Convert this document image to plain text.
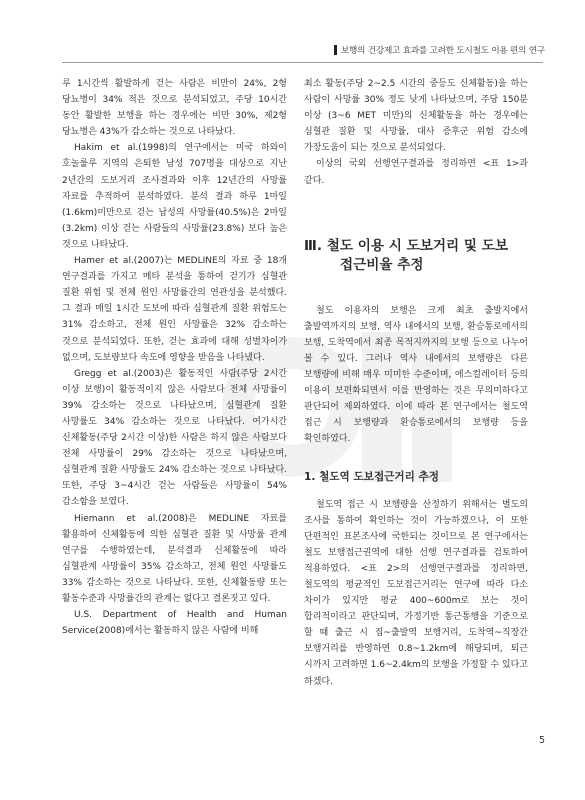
보행의 건강제고 효과를 고려한 도시철도 이용 편의 연구

루 1시간씩 활발하게 걷는 사람은 비만이 24%, 2형 당뇨병이 34% 적은 것으로 분석되었고, 주당 10시간 동안 활발한 보행을 하는 경우에는 비만 30%, 제2형 당뇨병은 43%가 감소하는 것으로 나타났다.

Hakim et al.(1998)의 연구에서는 미국 하와이 호놀룰루 지역의 은퇴한 남성 707명을 대상으로 지난 2년간의 도보거리 조사결과와 이후 12년간의 사망률 자료를 추적하여 분석하였다. 분석 결과 하루 1마일(1.6km)미만으로 걷는 남성의 사망률(40.5%)은 2마일(3.2km) 이상 걷는 사람들의 사망률(23.8%) 보다 높은 것으로 나타났다.

Hamer et al.(2007)는 MEDLINE의 자료 중 18개 연구결과를 가지고 메타 분석을 통하여 걷기가 심혈관 질환 위험 및 전체 원인 사망률간의 연관성을 분석했다. 그 결과 매일 1시간 도보에 따라 심혈관계 질환 위험도는 31% 감소하고, 전체 원인 사망률은 32% 감소하는 것으로 분석되었다. 또한, 걷는 효과에 대해 성별차이가 없으며, 도보량보다 속도에 영향을 받음을 나타냈다.

Gregg et al.(2003)은 활동적인 사람(주당 2시간 이상 보행)이 활동적이지 않은 사람보다 전체 사망률이 39% 감소하는 것으로 나타났으며, 심혈관계 질환 사망률도 34% 감소하는 것으로 나타났다. 여가시간 신체활동(주당 2시간 이상)한 사람은 하지 않은 사람보다 전체 사망률이 29% 감소하는 것으로 나타났으며, 심혈관계 질환 사망률도 24% 감소하는 것으로 나타났다. 또한, 주당 3~4시간 걷는 사람들은 사망률이 54% 감소함을 보였다.

Hiemann et al.(2008)은 MEDLINE 자료를 활용하여 신체활동에 의한 심혈관 질환 및 사망률 관계 연구를 수행하였는데, 분석결과 신체활동에 따라 심혈관계 사망률이 35% 감소하고, 전체 원인 사망률도 33% 감소하는 것으로 나타났다. 또한, 신체활동량 또는 활동수준과 사망률간의 관계는 없다고 결론짓고 있다.

U.S. Department of Health and Human Service(2008)에서는 활동하지 않은 사람에 비해

최소 활동(주당 2~2.5 시간의 중등도 신체활동)을 하는 사람이 사망률 30% 정도 낮게 나타났으며, 주당 150분 이상 (3~6 MET 미만)의 신체활동을 하는 경우에는 심혈관 질환 및 사망률, 대사 증후군 위험 감소에 가장도움이 되는 것으로 분석되었다.

이상의 국외 선행연구결과를 정리하면 <표 1>과 같다.

Ⅲ. 철도 이용 시 도보거리 및 도보
접근비율 추정

철도 이용자의 보행은 크게 최초 출발지에서 출발역까지의 보행, 역사 내에서의 보행, 환승통로에서의 보행, 도착역에서 최종 목적지까지의 보행 등으로 나누어 볼 수 있다. 그러나 역사 내에서의 보행량은 다른 보행량에 비해 매우 미미한 수준이며, 에스컬레이터 등의 이용이 보편화되면서 이를 반영하는 것은 무의미하다고 판단되어 제외하였다. 이에 따라 본 연구에서는 철도역 접근 시 보행량과 환승통로에서의 보행량 등을 확인하였다.

1. 철도역 도보접근거리 추정

철도역 접근 시 보행량을 산정하기 위해서는 별도의 조사를 통하여 확인하는 것이 가능하겠으나, 이 또한 단편적인 표본조사에 국한되는 것이므로 본 연구에서는 철도 보행접근권역에 대한 선행 연구결과를 검토하여 적용하였다. <표 2>의 선행연구결과를 정리하면, 철도역의 평균적인 도보접근거리는 연구에 따라 다소 차이가 있지만 평균 400~600m로 보는 것이 합리적이라고 판단되며, 가정기반 통근통행을 기준으로 할 때 출근 시 집~출발역 보행거리, 도착역~직장간 보행거리를 반영하면 0.8~1.2km에 해당되며, 퇴근 시까지 고려하면 1.6~2.4km의 보행을 가정할 수 있다고 하겠다.

5
